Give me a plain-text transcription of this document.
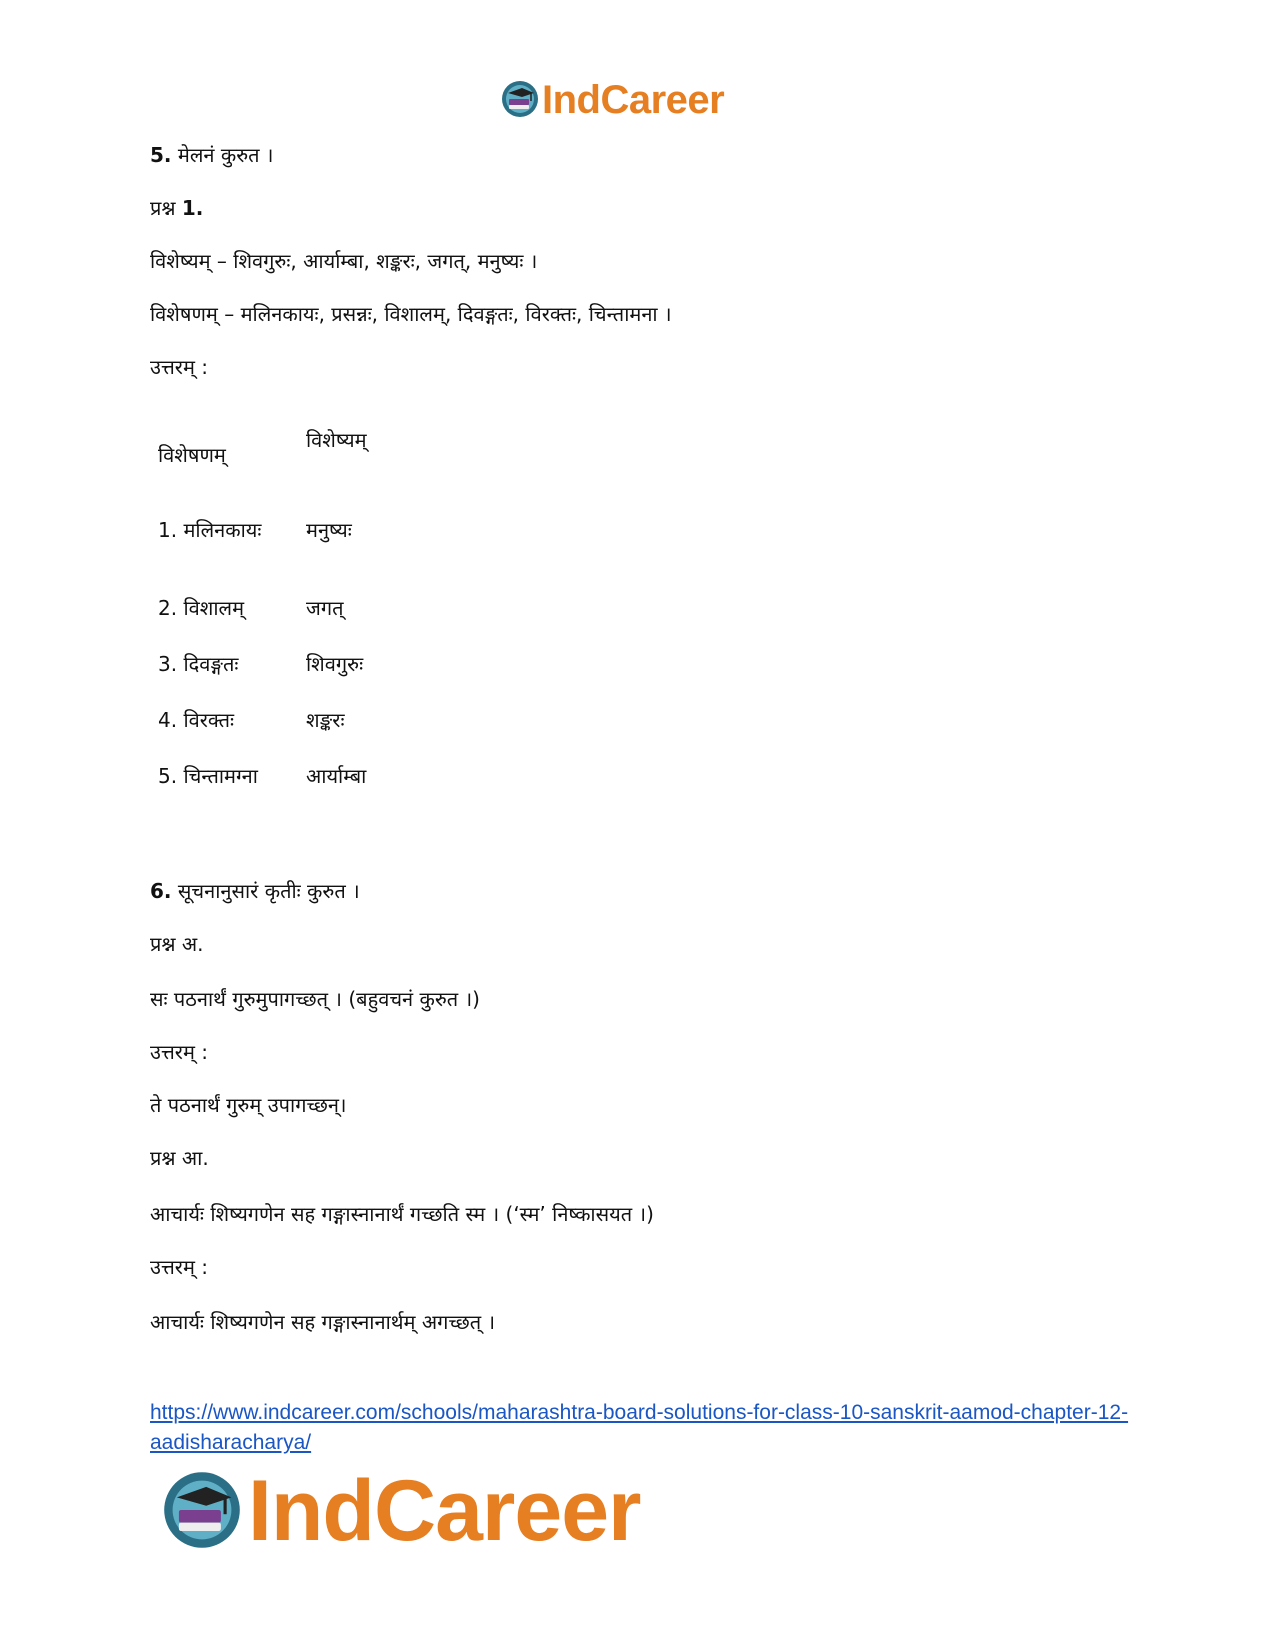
IndCareer
5. मेलनं कुरुत ।
प्रश्न 1.
विशेष्यम् – शिवगुरुः, आर्याम्बा, शङ्करः, जगत्, मनुष्यः ।
विशेषणम् – मलिनकायः, प्रसन्नः, विशालम्, दिवङ्गतः, विरक्तः, चिन्तामना ।
उत्तरम् :
विशेषणम्	विशेष्यम्
1. मलिनकायः	मनुष्यः
2. विशालम्	जगत्
3. दिवङ्गतः	शिवगुरुः
4. विरक्तः	शङ्करः
5. चिन्तामग्ना	आर्याम्बा
6. सूचनानुसारं कृतीः कुरुत ।
प्रश्न अ.
सः पठनार्थं गुरुमुपागच्छत् । (बहुवचनं कुरुत ।)
उत्तरम् :
ते पठनार्थं गुरुम् उपागच्छन्।
प्रश्न आ.
आचार्यः शिष्यगणेन सह गङ्गास्नानार्थं गच्छति स्म । (‘स्म’ निष्कासयत ।)
उत्तरम् :
आचार्यः शिष्यगणेन सह गङ्गास्नानार्थम् अगच्छत् ।
https://www.indcareer.com/schools/maharashtra-board-solutions-for-class-10-sanskrit-aamod-chapter-12-aadisharacharya/
IndCareer
